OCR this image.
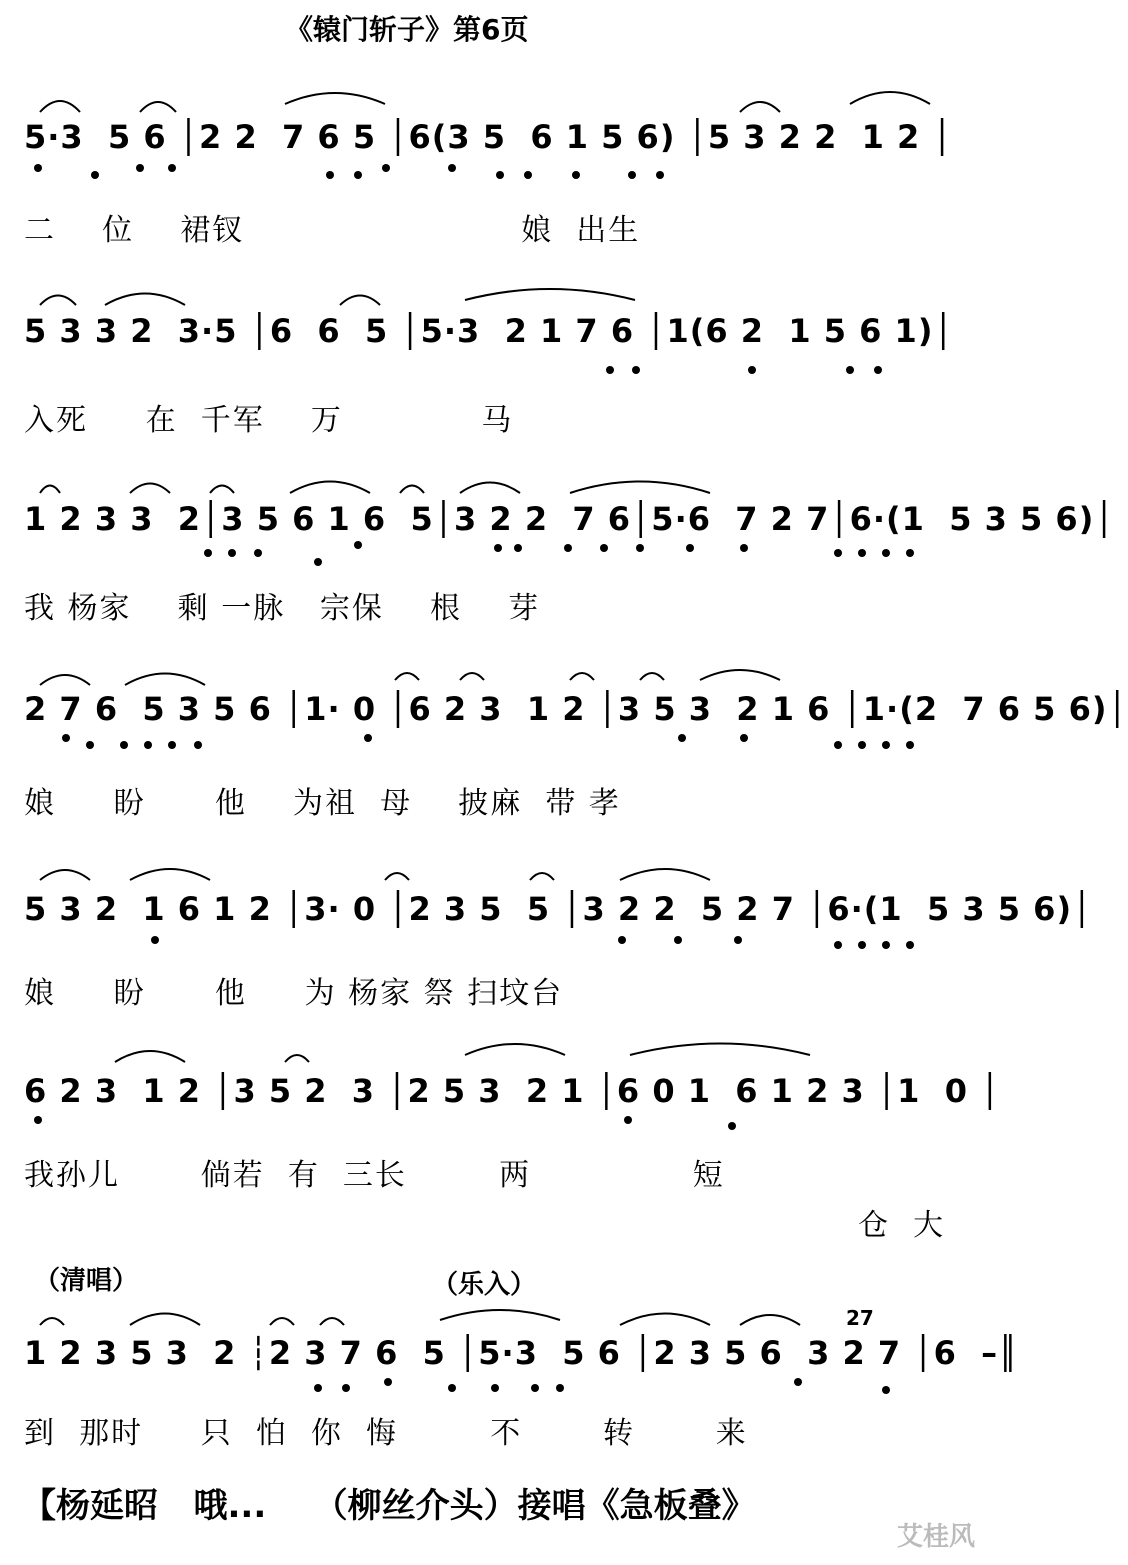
《辕门斩子》第6页
5·3  5 6 │2 2  7 6 5 │6(3 5  6 1 5 6) │5 3 2 2  1 2 │
二    位    裙钗                        娘  出生
5 3 3 2  3·5 │6  6  5 │5·3  2 1 7 6 │1(6 2  1 5 6 1)│
入死     在  千军    万            马
1 2 3 3  2│3 5 6 1 6  5│3 2 2  7 6│5·6  7 2 7│6·(1  5 3 5 6)│
我 杨家    剩 一脉   宗保    根    芽
2 7 6  5 3 5 6 │1· 0 │6 2 3  1 2 │3 5 3  2 1 6 │1·(2  7 6 5 6)│
娘     盼      他    为祖  母    披麻  带 孝
5 3 2  1 6 1 2 │3· 0 │2 3 5  5 │3 2 2  5 2 7 │6·(1  5 3 5 6)│
娘     盼      他     为 杨家 祭 扫坟台
6 2 3  1 2 │3 5 2  3 │2 5 3  2 1 │6 0 1  6 1 2 3 │1  0 │
我孙儿       倘若  有  三长        两              短
仓  大
（清唱）	（乐入）
27
1 2 3 5 3  2 ┆2 3 7 6  5 │5·3  5 6 │2 3 5 6  3 2 7 │6  –║
到  那时     只  怕  你  悔        不       转       来
【杨延昭   哦...    （柳丝介头）接唱《急板叠》
艾桂风
